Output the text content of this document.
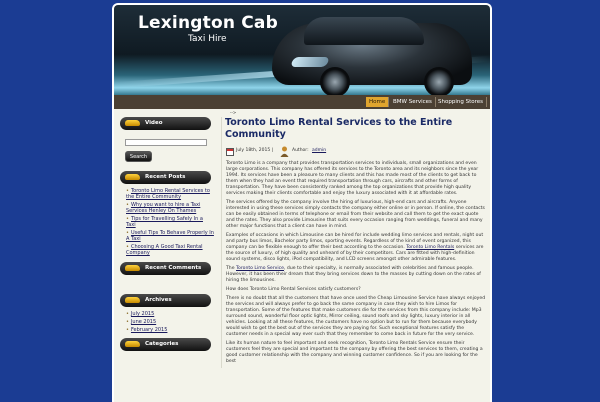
Lexington Cab

Taxi Hire

Home	BMW Services	Shopping Stores
Video
Search
Recent Posts
• Toronto Limo Rental Services to the Entire Community
• Why you want to hire a Taxi Services Henley On Thames
• Tips for Travelling Safely In a Taxi
• Useful Tips To Behave Properly In A Taxi
• Choosing A Good Taxi Rental Company
Recent Comments
Archives
• July 2015
• June 2015
• February 2015
Categories
-->
Toronto Limo Rental Services to the Entire Community
July 18th, 2015 |	Author: admin

Toronto Limo is a company that provides transportation services to individuals, small organizations and even large corporations. This company has offered its services to the Toronto area and its neighbors since the year 1994. Its services have been a pleasure to many clients and this has made most of the clients to get back to them when they had an event that required transportation through cars, aircrafts and other forms of transportation. They have been consistently ranked among the top organizations that provide high quality services making their clients comfortable and enjoy the luxury associated with it at affordable rates.

The services offered by the company involve the hiring of luxurious, high-end cars and aircrafts. Anyone interested in using these services simply contacts the company either online or in person. If online, the contacts can be easily obtained in terms of telephone or email from their website and call them to get the exact quote and the rates. They also provide Limousine that suits every occasion ranging from weddings, funeral and many other major functions that a client can have in mind.

Examples of occasions in which Limousine can be hired for include wedding limo services and rentals, night out and party bus limos, Bachelor party limos, sporting events. Regardless of the kind of event organized, this company can be flexible enough to offer their best according to the occasion. Toronto Limo Rentals services are the source of luxury, of high quality and unheard of by their competitors. Cars are fitted with high-definition sound systems, disco lights, iPod compatibility, and LCD screens amongst other admirable features.

The Toronto Limo Service, due to their specialty, is normally associated with celebrities and famous people. However, it has been their dream that they bring services down to the masses by cutting down on the rates of hiring the limousines.

How does Toronto Limo Rental Services satisfy customers?

There is no doubt that all the customers that have once used the Cheap Limousine Service have always enjoyed the services and will always prefer to go back the same company in case they wish to hire Limos for transportation. Some of the features that make customers die for the services from this company include: Mp3 surround sound, wonderful floor optic lights, Mirror ceiling, sound roofs and sky lights, luxury interior in all vehicles. Looking at all these features, the customers have no option but to run for them because everybody would wish to get the best out of the services they are paying for. Such exceptional features satisfy the customer needs in a special way ever such that they remember to come back in future for the very service.

Like its human nature to feel important and seek recognition, Toronto Limo Rentals Service ensure their customers feel they are special and important to the company by offering the best services to them, creating a good customer relationship with the company and winning customer confidence. So if you are looking for the best
